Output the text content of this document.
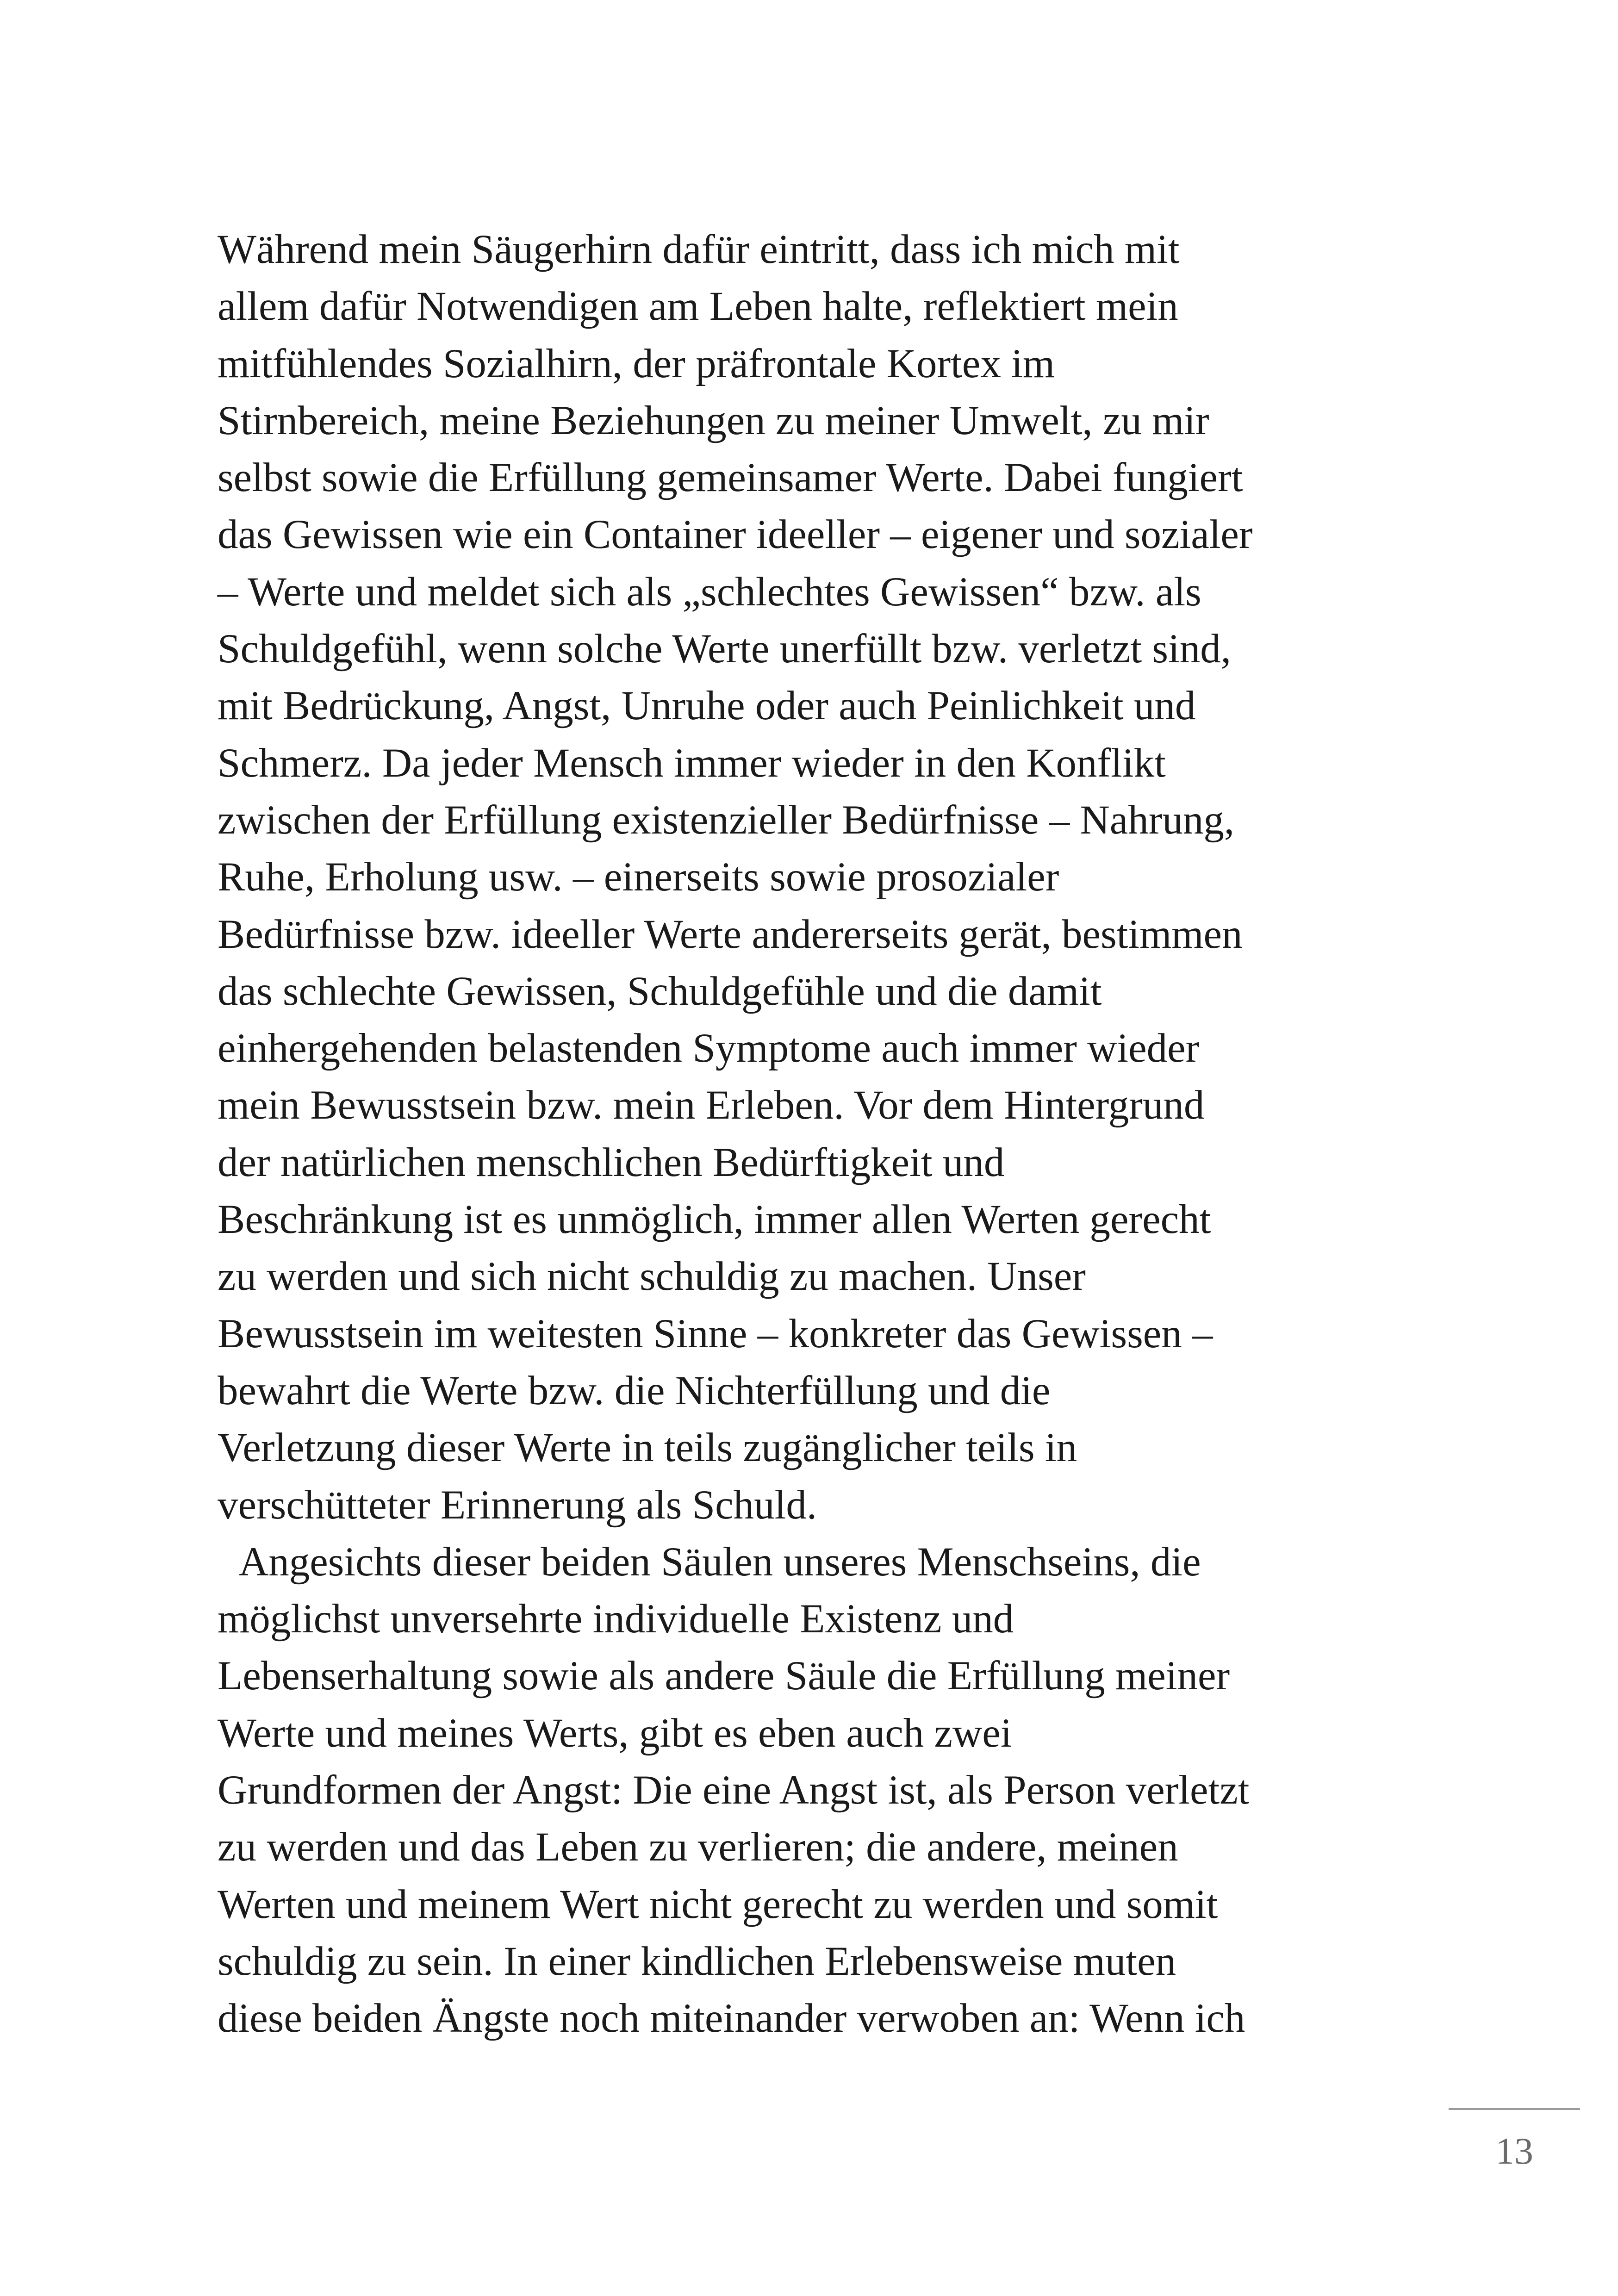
Während mein Säugerhirn dafür eintritt, dass ich mich mit
allem dafür Notwendigen am Leben halte, reflektiert mein
mitfühlendes Sozialhirn, der präfrontale Kortex im
Stirnbereich, meine Beziehungen zu meiner Umwelt, zu mir
selbst sowie die Erfüllung gemeinsamer Werte. Dabei fungiert
das Gewissen wie ein Container ideeller – eigener und sozialer
– Werte und meldet sich als „schlechtes Gewissen“ bzw. als
Schuldgefühl, wenn solche Werte unerfüllt bzw. verletzt sind,
mit Bedrückung, Angst, Unruhe oder auch Peinlichkeit und
Schmerz. Da jeder Mensch immer wieder in den Konflikt
zwischen der Erfüllung existenzieller Bedürfnisse – Nahrung,
Ruhe, Erholung usw. – einerseits sowie prosozialer
Bedürfnisse bzw. ideeller Werte andererseits gerät, bestimmen
das schlechte Gewissen, Schuldgefühle und die damit
einhergehenden belastenden Symptome auch immer wieder
mein Bewusstsein bzw. mein Erleben. Vor dem Hintergrund
der natürlichen menschlichen Bedürftigkeit und
Beschränkung ist es unmöglich, immer allen Werten gerecht
zu werden und sich nicht schuldig zu machen. Unser
Bewusstsein im weitesten Sinne – konkreter das Gewissen –
bewahrt die Werte bzw. die Nichterfüllung und die
Verletzung dieser Werte in teils zugänglicher teils in
verschütteter Erinnerung als Schuld.
Angesichts dieser beiden Säulen unseres Menschseins, die
möglichst unversehrte individuelle Existenz und
Lebenserhaltung sowie als andere Säule die Erfüllung meiner
Werte und meines Werts, gibt es eben auch zwei
Grundformen der Angst: Die eine Angst ist, als Person verletzt
zu werden und das Leben zu verlieren; die andere, meinen
Werten und meinem Wert nicht gerecht zu werden und somit
schuldig zu sein. In einer kindlichen Erlebensweise muten
diese beiden Ängste noch miteinander verwoben an: Wenn ich
13
